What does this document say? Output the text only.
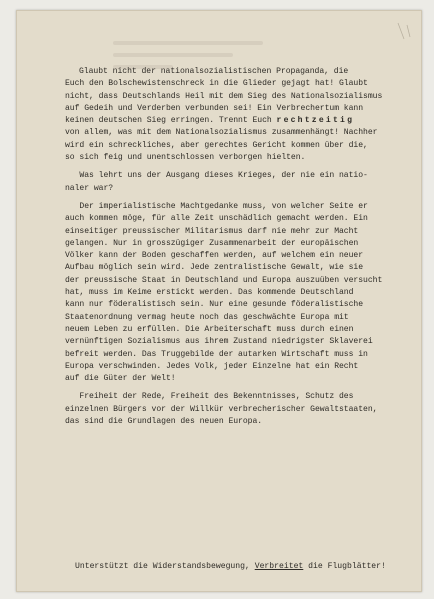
Glaubt nicht der nationalsozialistischen Propaganda, die
Euch den Bolschewistenschreck in die Glieder gejagt hat! Glaubt
nicht, dass Deutschlands Heil mit dem Sieg des Nationalsozialismus
auf Gedeih und Verderben verbunden sei! Ein Verbrechertum kann
keinen deutschen Sieg erringen. Trennt Euch rechtzeitig
von allem, was mit dem Nationalsozialismus zusammenhängt! Nachher
wird ein schreckliches, aber gerechtes Gericht kommen über die,
so sich feig und unentschlossen verborgen hielten.
Was lehrt uns der Ausgang dieses Krieges, der nie ein natio-
naler war?
Der imperialistische Machtgedanke muss, von welcher Seite er
auch kommen möge, für alle Zeit unschädlich gemacht werden. Ein
einseitiger preussischer Militarismus darf nie mehr zur Macht
gelangen. Nur in grosszügiger Zusammenarbeit der europäischen
Völker kann der Boden geschaffen werden, auf welchem ein neuer
Aufbau möglich sein wird. Jede zentralistische Gewalt, wie sie
der preussische Staat in Deutschland und Europa auszuüben versucht
hat, muss im Keime erstickt werden. Das kommende Deutschland
kann nur föderalistisch sein. Nur eine gesunde föderalistische
Staatenordnung vermag heute noch das geschwächte Europa mit
neuem Leben zu erfüllen. Die Arbeiterschaft muss durch einen
vernünftigen Sozialismus aus ihrem Zustand niedrigster Sklaverei
befreit werden. Das Truggebilde der autarken Wirtschaft muss in
Europa verschwinden. Jedes Volk, jeder Einzelne hat ein Recht
auf die Güter der Welt!
Freiheit der Rede, Freiheit des Bekenntnisses, Schutz des
einzelnen Bürgers vor der Willkür verbrecherischer Gewaltstaaten,
das sind die Grundlagen des neuen Europa.
Unterstützt die Widerstandsbewegung, Verbreitet die Flugblätter!
